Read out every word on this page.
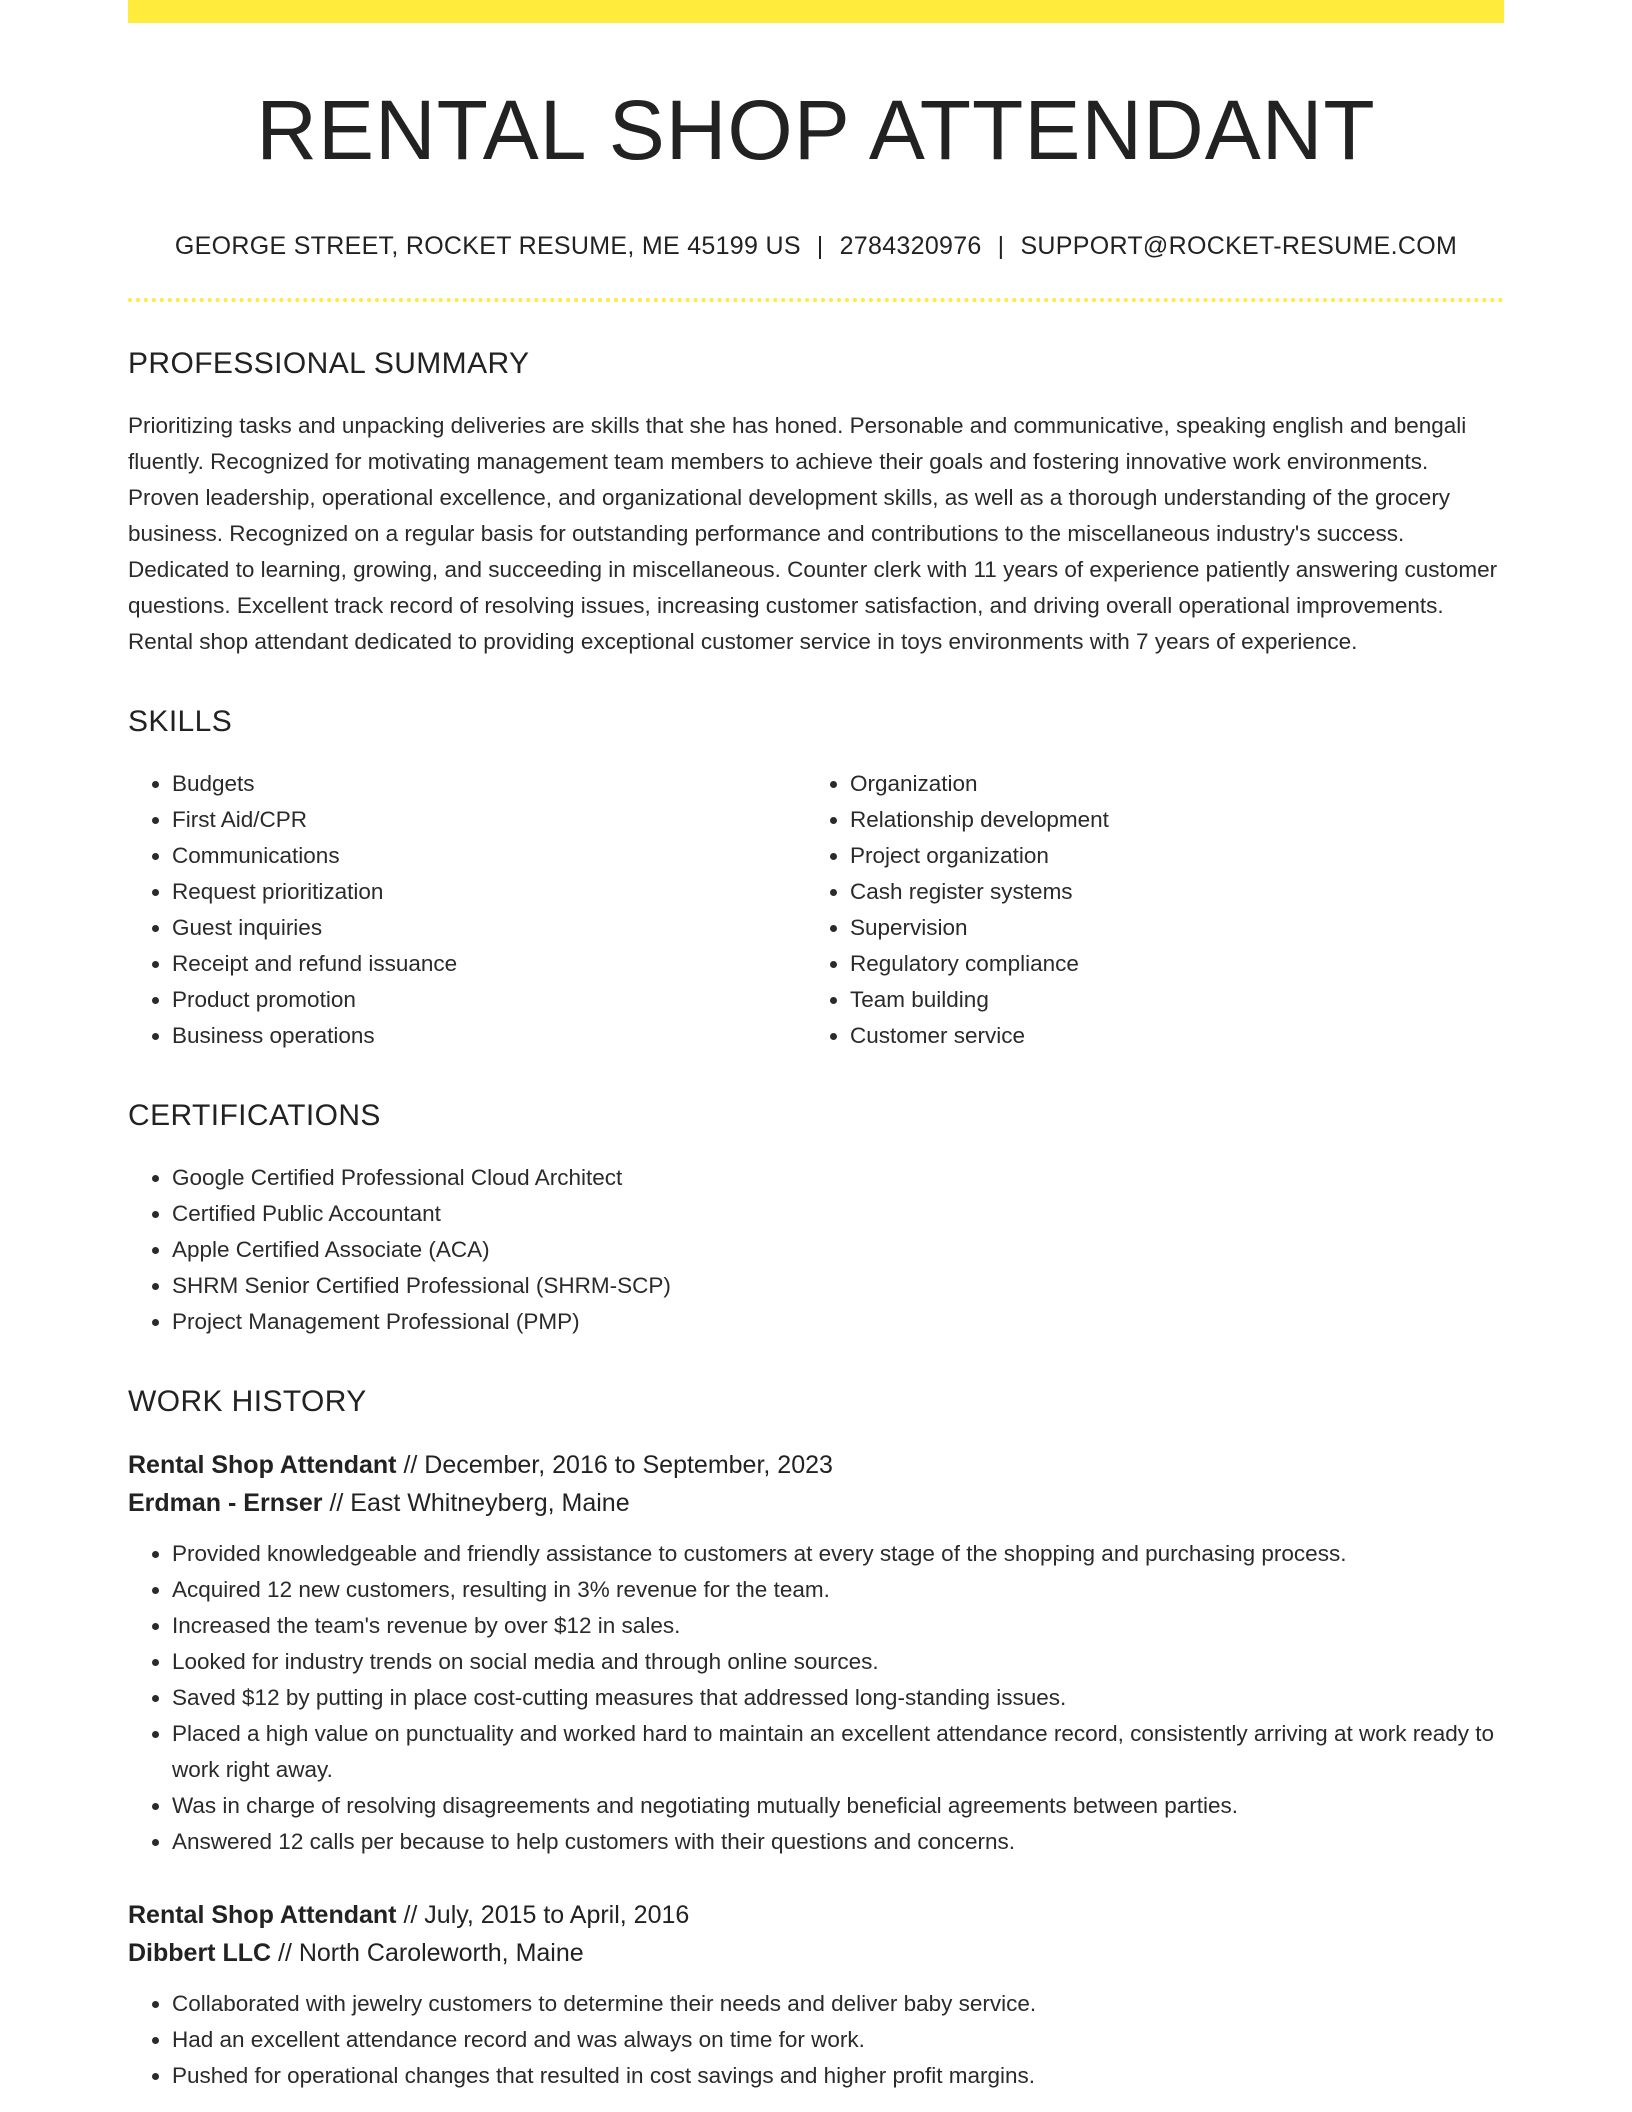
RENTAL SHOP ATTENDANT
GEORGE STREET, ROCKET RESUME, ME 45199 US | 2784320976 | SUPPORT@ROCKET-RESUME.COM
PROFESSIONAL SUMMARY
Prioritizing tasks and unpacking deliveries are skills that she has honed. Personable and communicative, speaking english and bengali fluently. Recognized for motivating management team members to achieve their goals and fostering innovative work environments. Proven leadership, operational excellence, and organizational development skills, as well as a thorough understanding of the grocery business. Recognized on a regular basis for outstanding performance and contributions to the miscellaneous industry's success. Dedicated to learning, growing, and succeeding in miscellaneous. Counter clerk with 11 years of experience patiently answering customer questions. Excellent track record of resolving issues, increasing customer satisfaction, and driving overall operational improvements. Rental shop attendant dedicated to providing exceptional customer service in toys environments with 7 years of experience.
SKILLS
• Budgets
• First Aid/CPR
• Communications
• Request prioritization
• Guest inquiries
• Receipt and refund issuance
• Product promotion
• Business operations
• Organization
• Relationship development
• Project organization
• Cash register systems
• Supervision
• Regulatory compliance
• Team building
• Customer service
CERTIFICATIONS
• Google Certified Professional Cloud Architect
• Certified Public Accountant
• Apple Certified Associate (ACA)
• SHRM Senior Certified Professional (SHRM-SCP)
• Project Management Professional (PMP)
WORK HISTORY
Rental Shop Attendant // December, 2016 to September, 2023
Erdman - Ernser // East Whitneyberg, Maine
• Provided knowledgeable and friendly assistance to customers at every stage of the shopping and purchasing process.
• Acquired 12 new customers, resulting in 3% revenue for the team.
• Increased the team's revenue by over $12 in sales.
• Looked for industry trends on social media and through online sources.
• Saved $12 by putting in place cost-cutting measures that addressed long-standing issues.
• Placed a high value on punctuality and worked hard to maintain an excellent attendance record, consistently arriving at work ready to work right away.
• Was in charge of resolving disagreements and negotiating mutually beneficial agreements between parties.
• Answered 12 calls per because to help customers with their questions and concerns.
Rental Shop Attendant // July, 2015 to April, 2016
Dibbert LLC // North Caroleworth, Maine
• Collaborated with jewelry customers to determine their needs and deliver baby service.
• Had an excellent attendance record and was always on time for work.
• Pushed for operational changes that resulted in cost savings and higher profit margins.
